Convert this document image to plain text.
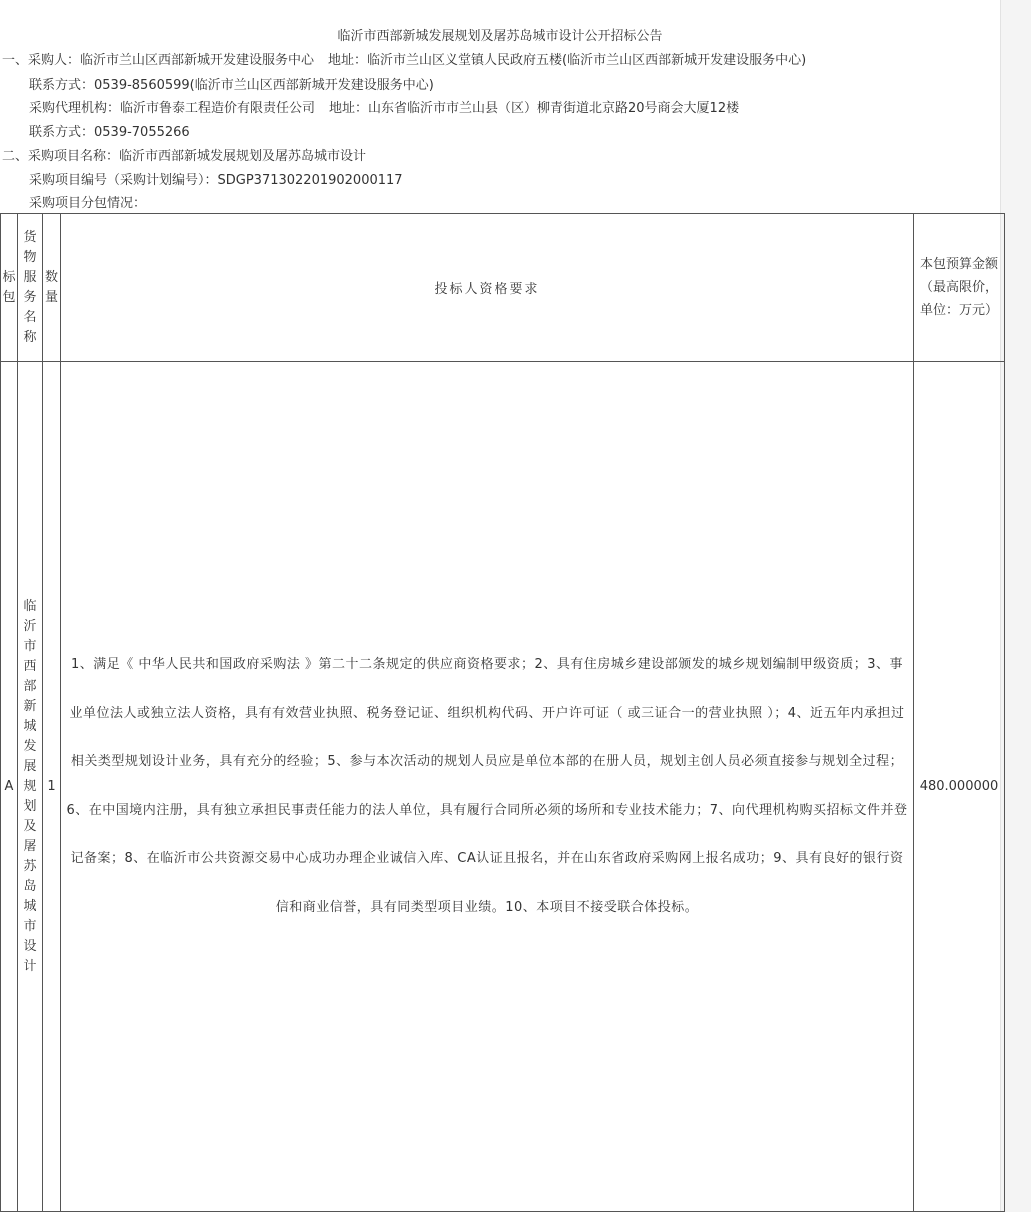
临沂市西部新城发展规划及屠苏岛城市设计公开招标公告
一、采购人：临沂市兰山区西部新城开发建设服务中心 地址：临沂市兰山区义堂镇人民政府五楼(临沂市兰山区西部新城开发建设服务中心)
联系方式：0539-8560599(临沂市兰山区西部新城开发建设服务中心)
采购代理机构：临沂市鲁泰工程造价有限责任公司 地址：山东省临沂市市兰山县（区）柳青街道北京路20号商会大厦12楼
联系方式：0539-7055266
二、采购项目名称：临沂市西部新城发展规划及屠苏岛城市设计
采购项目编号（采购计划编号）：SDGP371302201902000117
采购项目分包情况：
标包	货物服务名称	数量	投标人资格要求	本包预算金额（最高限价，单位：万元）
A	临沂市西部新城发展规划及屠苏岛城市设计	1	1、满足《 中华人民共和国政府采购法 》第二十二条规定的供应商资格要求；2、具有住房城乡建设部颁发的城乡规划编制甲级资质；3、事业单位法人或独立法人资格，具有有效营业执照、税务登记证、组织机构代码、开户许可证（ 或三证合一的营业执照 ）；4、近五年内承担过相关类型规划设计业务，具有充分的经验；5、参与本次活动的规划人员应是单位本部的在册人员，规划主创人员必须直接参与规划全过程；6、在中国境内注册，具有独立承担民事责任能力的法人单位，具有履行合同所必须的场所和专业技术能力；7、向代理机构购买招标文件并登记备案；8、在临沂市公共资源交易中心成功办理企业诚信入库、CA认证且报名，并在山东省政府采购网上报名成功；9、具有良好的银行资信和商业信誉，具有同类型项目业绩。10、本项目不接受联合体投标。	480.000000
